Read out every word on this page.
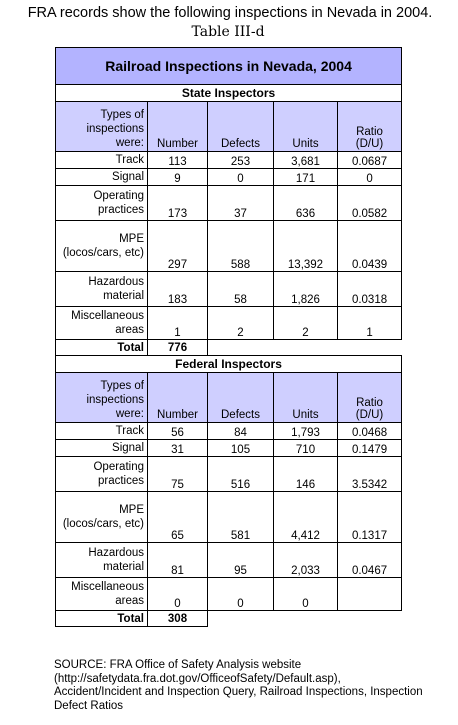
FRA records show the following inspections in Nevada in 2004.
Table III-d
Railroad Inspections in Nevada, 2004				
State Inspectors				
Types of inspections were:	Number	Defects	Units	Ratio (D/U)
Track	113	253	3,681	0.0687
Signal	9	0	171	0
Operating practices	173	37	636	0.0582
MPE (locos/cars, etc)	297	588	13,392	0.0439
Hazardous material	183	58	1,826	0.0318
Miscellaneous areas	1	2	2	1
Total	776			
Federal Inspectors				
Types of inspections were:	Number	Defects	Units	Ratio (D/U)
Track	56	84	1,793	0.0468
Signal	31	105	710	0.1479
Operating practices	75	516	146	3.5342
MPE (locos/cars, etc)	65	581	4,412	0.1317
Hazardous material	81	95	2,033	0.0467
Miscellaneous areas	0	0	0	
Total	308			
SOURCE: FRA Office of Safety Analysis website (http://safetydata.fra.dot.gov/OfficeofSafety/Default.asp), Accident/Incident and Inspection Query, Railroad Inspections, Inspection Defect Ratios
